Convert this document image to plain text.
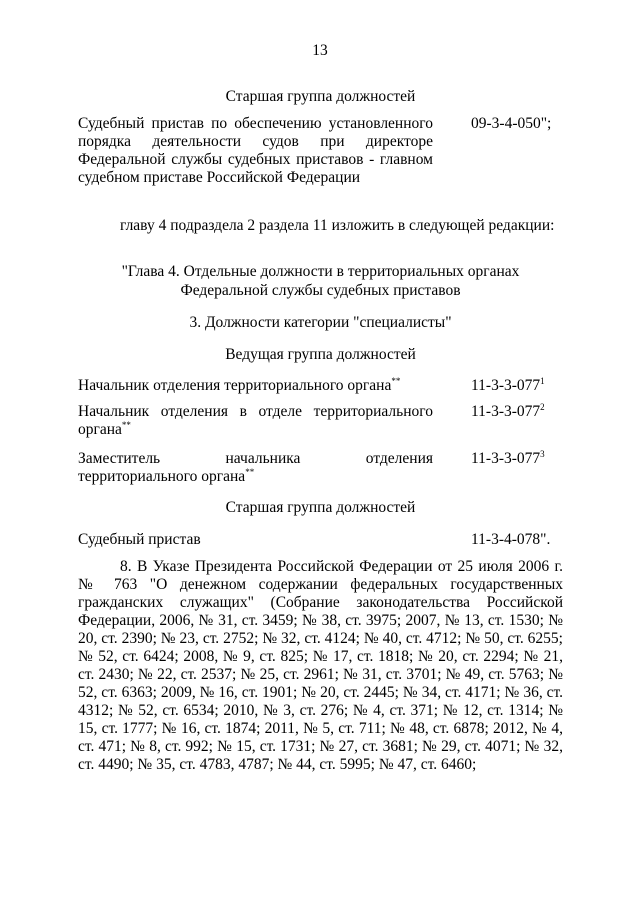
13
Старшая группа должностей
Судебный пристав по обеспечению установленного порядка деятельности судов при директоре Федеральной службы судебных приставов - главном судебном приставе Российской Федерации
09-3-4-050";
главу 4 подраздела 2 раздела 11 изложить в следующей редакции:
"Глава 4. Отдельные должности в территориальных органах
Федеральной службы судебных приставов
3. Должности категории "специалисты"
Ведущая группа должностей
Начальник отделения территориального органа**	$11-3-3-077^1$
Начальник отделения в отделе территориального органа**
$11-3-3-077^2$
Заместитель начальника отделения территориального органа**
$11-3-3-077^3$
Старшая группа должностей
Судебный пристав	11-3-4-078".
8. В Указе Президента Российской Федерации от 25 июля 2006 г. № 763 "О денежном содержании федеральных государственных гражданских служащих" (Собрание законодательства Российской Федерации, 2006, № 31, ст. 3459; № 38, ст. 3975; 2007, № 13, ст. 1530; № 20, ст. 2390; № 23, ст. 2752; № 32, ст. 4124; № 40, ст. 4712; № 50, ст. 6255; № 52, ст. 6424; 2008, № 9, ст. 825; № 17, ст. 1818; № 20, ст. 2294; № 21, ст. 2430; № 22, ст. 2537; № 25, ст. 2961; № 31, ст. 3701; № 49, ст. 5763; № 52, ст. 6363; 2009, № 16, ст. 1901; № 20, ст. 2445; № 34, ст. 4171; № 36, ст. 4312; № 52, ст. 6534; 2010, № 3, ст. 276; № 4, ст. 371; № 12, ст. 1314; № 15, ст. 1777; № 16, ст. 1874; 2011, № 5, ст. 711; № 48, ст. 6878; 2012, № 4, ст. 471; № 8, ст. 992; № 15, ст. 1731; № 27, ст. 3681; № 29, ст. 4071; № 32, ст. 4490; № 35, ст. 4783, 4787; № 44, ст. 5995; № 47, ст. 6460;
